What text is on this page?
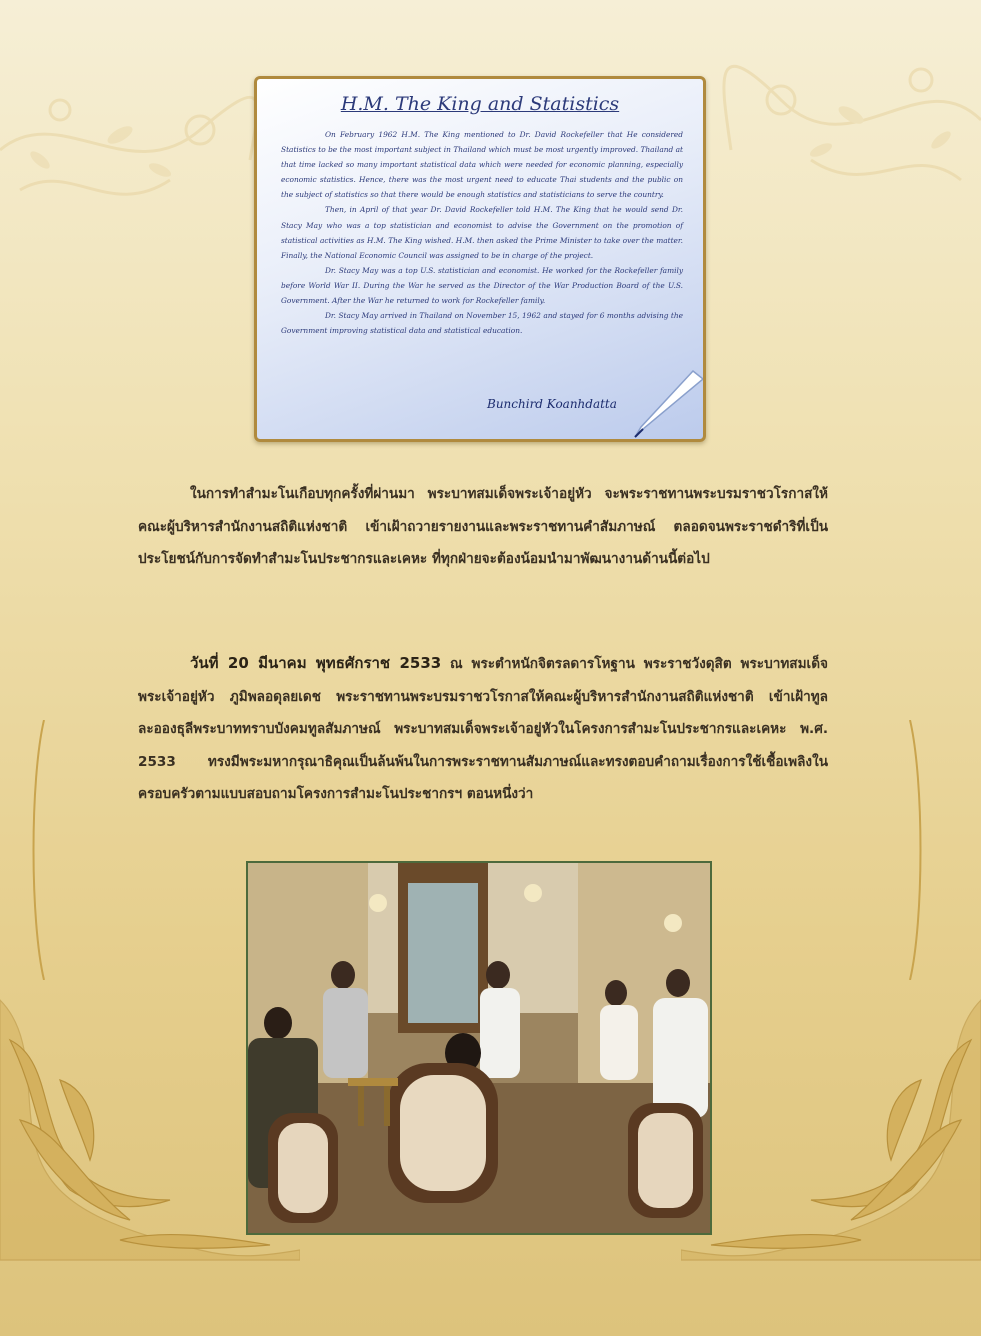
H.M. The King and Statistics

On February 1962 H.M. The King mentioned to Dr. David Rockefeller that He considered Statistics to be the most important subject in Thailand which must be most urgently improved. Thailand at that time lacked so many important statistical data which were needed for economic planning, especially economic statistics. Hence, there was the most urgent need to educate Thai students and the public on the subject of statistics so that there would be enough statistics and statisticians to serve the country.

Then, in April of that year Dr. David Rockefeller told H.M. The King that he would send Dr. Stacy May who was a top statistician and economist to advise the Government on the promotion of statistical activities as H.M. The King wished. H.M. then asked the Prime Minister to take over the matter. Finally, the National Economic Council was assigned to be in charge of the project.

Dr. Stacy May was a top U.S. statistician and economist. He worked for the Rockefeller family before World War II. During the War he served as the Director of the War Production Board of the U.S. Government. After the War he returned to work for Rockefeller family.

Dr. Stacy May arrived in Thailand on November 15, 1962 and stayed for 6 months advising the Government improving statistical data and statistical education.

Bunchird Koanhdatta
ในการทำสำมะโนเกือบทุกครั้งที่ผ่านมา พระบาทสมเด็จพระเจ้าอยู่หัว จะพระราชทานพระบรมราชวโรกาสให้คณะผู้บริหารสำนักงานสถิติแห่งชาติ เข้าเฝ้าถวายรายงานและพระราชทานคำสัมภาษณ์ ตลอดจนพระราชดำริที่เป็นประโยชน์กับการจัดทำสำมะโนประชากรและเคหะ ที่ทุกฝ่ายจะต้องน้อมนำมาพัฒนางานด้านนี้ต่อไป
วันที่ 20 มีนาคม พุทธศักราช 2533 ณ พระตำหนักจิตรลดารโหฐาน พระราชวังดุสิต พระบาทสมเด็จพระเจ้าอยู่หัว ภูมิพลอดุลยเดช พระราชทานพระบรมราชวโรกาสให้คณะผู้บริหารสำนักงานสถิติแห่งชาติ เข้าเฝ้าทูลละอองธุลีพระบาททราบบังคมทูลสัมภาษณ์ พระบาทสมเด็จพระเจ้าอยู่หัวในโครงการสำมะโนประชากรและเคหะ พ.ศ. 2533 ทรงมีพระมหากรุณาธิคุณเป็นล้นพ้นในการพระราชทานสัมภาษณ์และทรงตอบคำถามเรื่องการใช้เชื้อเพลิงในครอบครัวตามแบบสอบถามโครงการสำมะโนประชากรฯ ตอนหนึ่งว่า
